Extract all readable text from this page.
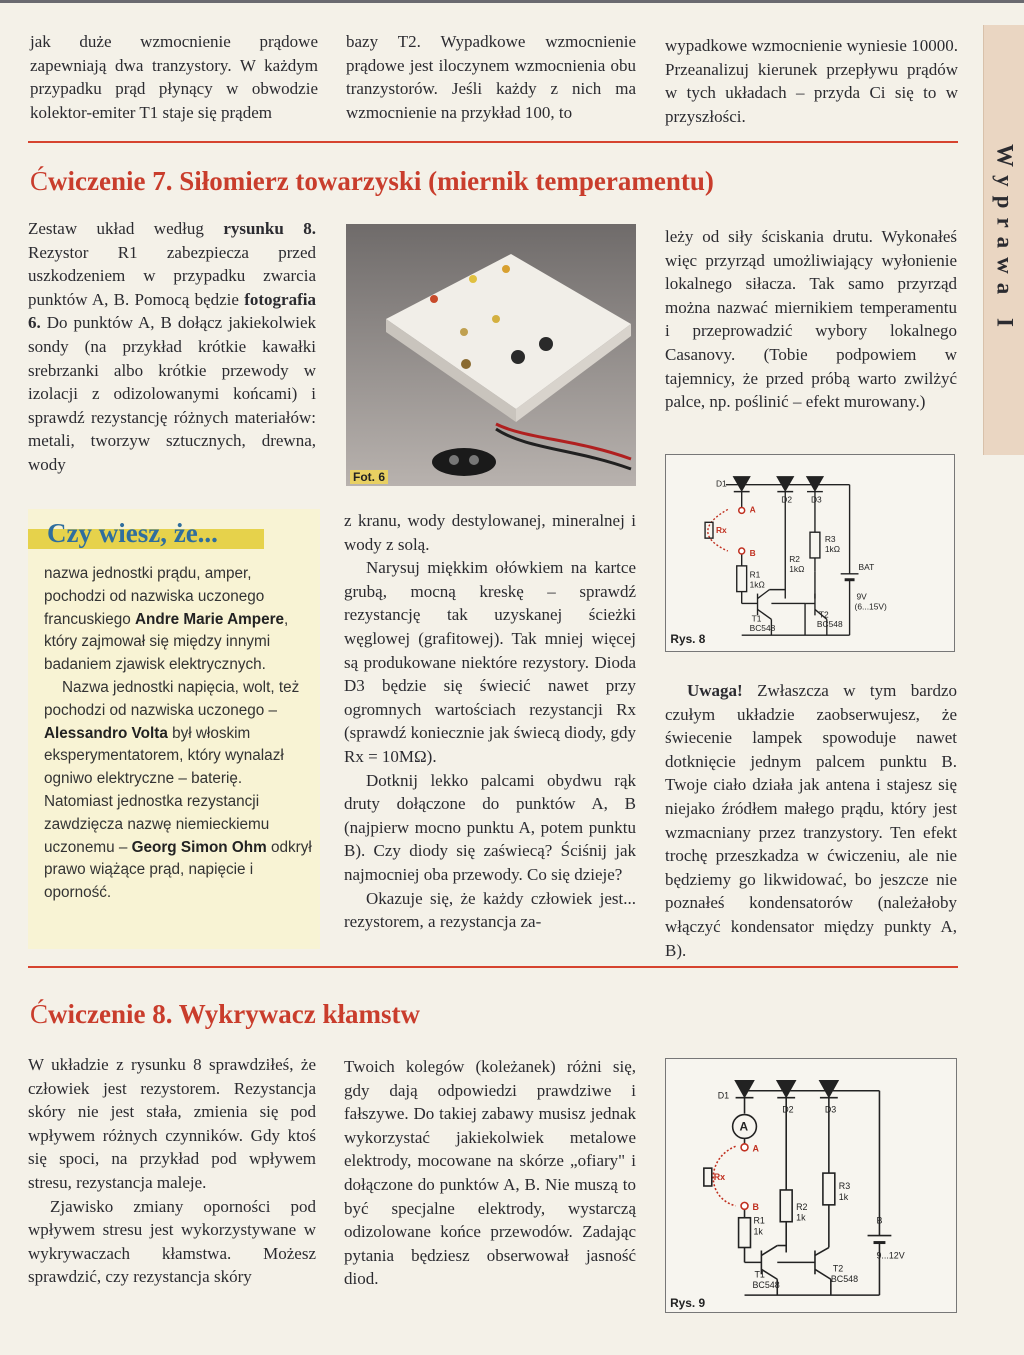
Wyprawa I

jak duże wzmocnienie prądowe zapewniają dwa tranzystory. W każdym przypadku prąd płynący w obwodzie kolektor-emiter T1 staje się prądem

bazy T2. Wypadkowe wzmocnienie prądowe jest iloczynem wzmocnienia obu tranzystorów. Jeśli każdy z nich ma wzmocnienie na przykład 100, to

wypadkowe wzmocnienie wyniesie 10000. Przeanalizuj kierunek przepływu prądów w tych układach – przyda Ci się to w przyszłości.

Ćwiczenie 7. Siłomierz towarzyski (miernik temperamentu)

Zestaw układ według rysunku 8. Rezystor R1 zabezpiecza przed uszkodzeniem w przypadku zwarcia punktów A, B. Pomocą będzie fotografia 6. Do punktów A, B dołącz jakiekolwiek sondy (na przykład krótkie kawałki srebrzanki albo krótkie przewody w izolacji z odizolowanymi końcami) i sprawdź rezystancję różnych materiałów: metali, tworzyw sztucznych, drewna, wody

Fot. 6

z kranu, wody destylowanej, mineralnej i wody z solą.

Narysuj miękkim ołówkiem na kartce grubą, mocną kreskę – sprawdź rezystancję tak uzyskanej ścieżki węglowej (grafitowej). Tak mniej więcej są produkowane niektóre rezystory. Dioda D3 będzie się świecić nawet przy ogromnych wartościach rezystancji Rx (sprawdź koniecznie jak świecą diody, gdy Rx = 10MΩ).

Dotknij lekko palcami obydwu rąk druty dołączone do punktów A, B (najpierw mocno punktu A, potem punktu B). Czy diody się zaświecą? Ściśnij jak najmocniej oba przewody. Co się dzieje?

Okazuje się, że każdy człowiek jest... rezystorem, a rezystancja za-

leży od siły ściskania drutu. Wykonałeś więc przyrząd umożliwiający wyłonienie lokalnego siłacza. Tak samo przyrząd można nazwać miernikiem temperamentu i przeprowadzić wybory lokalnego Casanovy. (Tobie podpowiem w tajemnicy, że przed próbą warto zwilżyć palce, np. poślinić – efekt murowany.)

Uwaga! Zwłaszcza w tym bardzo czułym układzie zaobserwujesz, że świecenie lampek spowoduje nawet dotknięcie jednym palcem punktu B. Twoje ciało działa jak antena i stajesz się niejako źródłem małego prądu, który jest wzmacniany przez tranzystory. Ten efekt trochę przeszkadza w ćwiczeniu, ale nie będziemy go likwidować, bo jeszcze nie poznałeś kondensatorów (należałoby włączyć kondensator między punkty A, B).

D1
D2 D3
A
B
Rx
R1
1kΩ
R2
1kΩ
R3
1kΩ
BAT
9V
(6...15V)
T1
BC548
T2
BC548
Rys. 8
Czy wiesz, że...

nazwa jednostki prądu, amper, pochodzi od nazwiska uczonego francuskiego Andre Marie Ampere, który zajmował się między innymi badaniem zjawisk elektrycznych.

Nazwa jednostki napięcia, wolt, też pochodzi od nazwiska uczonego – Alessandro Volta był włoskim eksperymentatorem, który wynalazł ogniwo elektryczne – baterię. Natomiast jednostka rezystancji zawdzięcza nazwę niemieckiemu uczonemu – Georg Simon Ohm odkrył prawo wiążące prąd, napięcie i oporność.

Ćwiczenie 8. Wykrywacz kłamstw

W układzie z rysunku 8 sprawdziłeś, że człowiek jest rezystorem. Rezystancja skóry nie jest stała, zmienia się pod wpływem różnych czynników. Gdy ktoś się spoci, na przykład pod wpływem stresu, rezystancja maleje.

Zjawisko zmiany oporności pod wpływem stresu jest wykorzystywane w wykrywaczach kłamstwa. Możesz sprawdzić, czy rezystancja skóry

Twoich kolegów (koleżanek) różni się, gdy dają odpowiedzi prawdziwe i fałszywe. Do takiej zabawy musisz jednak wykorzystać jakiekolwiek metalowe elektrody, mocowane na skórze „ofiary" i dołączone do punktów A, B. Nie muszą to być specjalne elektrody, wystarczą odizolowane końce przewodów. Zadając pytania będziesz obserwował jasność diod.

D1
D2	D3
A
A
B
Rx
R1
1k
R2
1k
R3
1k
B
9...12V
T1
BC548
T2
BC548
Rys. 9
